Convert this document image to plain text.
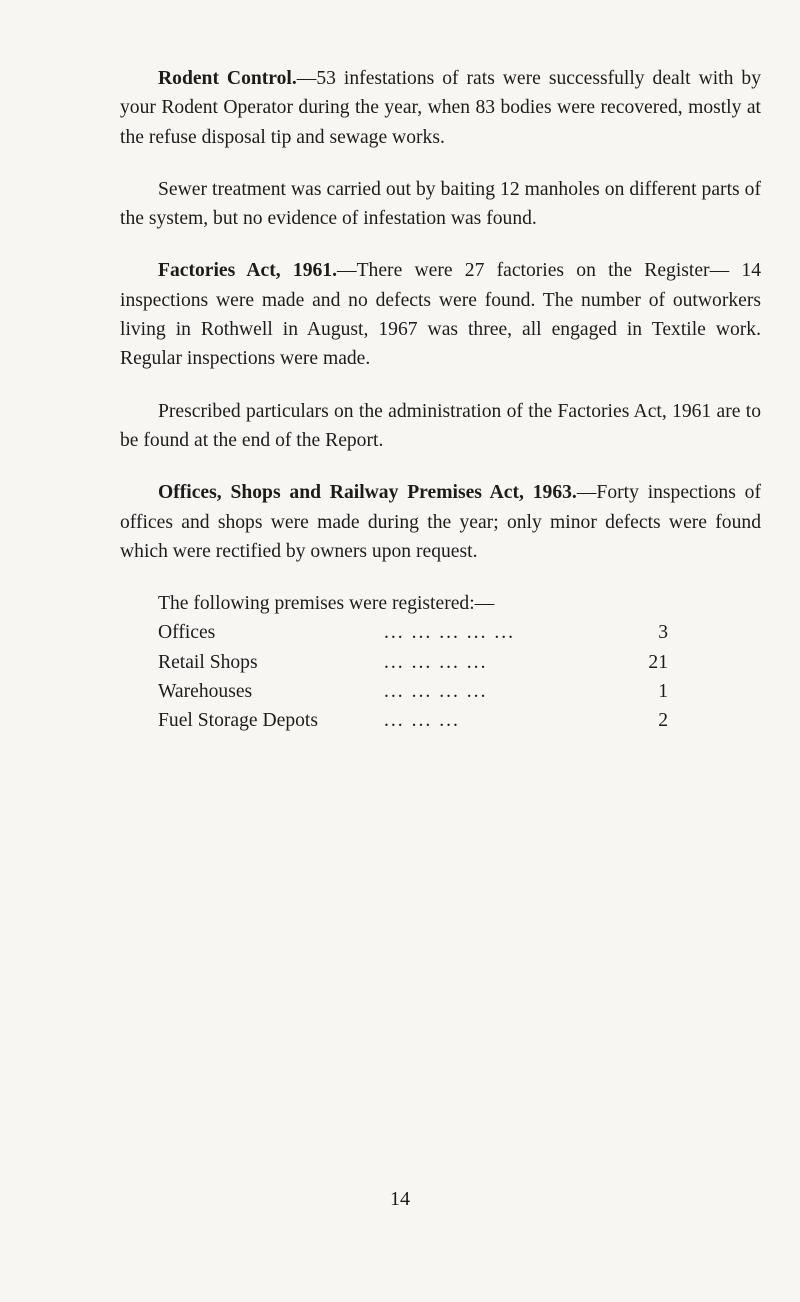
Rodent Control.—53 infestations of rats were successfully dealt with by your Rodent Operator during the year, when 83 bodies were recovered, mostly at the refuse disposal tip and sewage works.

Sewer treatment was carried out by baiting 12 manholes on different parts of the system, but no evidence of infestation was found.

Factories Act, 1961.—There were 27 factories on the Register— 14 inspections were made and no defects were found. The number of outworkers living in Rothwell in August, 1967 was three, all engaged in Textile work. Regular inspections were made.

Prescribed particulars on the administration of the Factories Act, 1961 are to be found at the end of the Report.

Offices, Shops and Railway Premises Act, 1963.—Forty inspections of offices and shops were made during the year; only minor defects were found which were rectified by owners upon request.

The following premises were registered:—

Offices	... ... ... ... ...	3
Retail Shops	... ... ... ...	21
Warehouses	... ... ... ...	1
Fuel Storage Depots	... ... ...	2
14
